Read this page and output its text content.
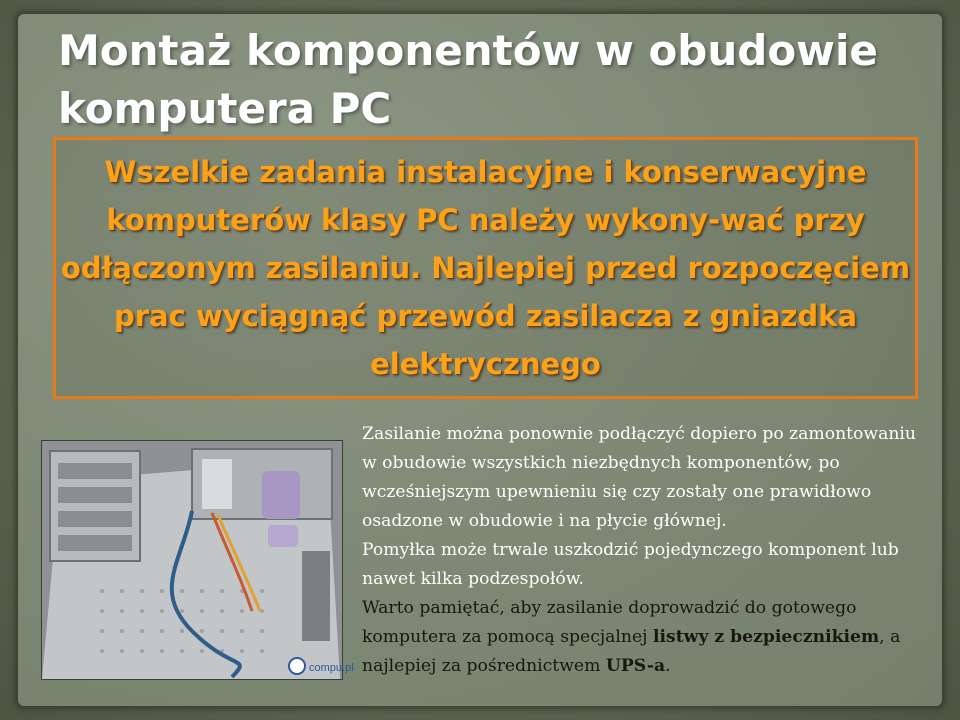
Montaż komponentów w obudowie komputera PC

Wszelkie zadania instalacyjne i konserwacyjne komputerów klasy PC należy wykony-wać przy odłączonym zasilaniu. Najlepiej przed rozpoczęciem prac wyciągnąć przewód zasilacza z gniazdka elektrycznego

compu.pl

Zasilanie można ponownie podłączyć dopiero po zamontowaniu w obudowie wszystkich niezbędnych komponentów, po wcześniejszym upewnieniu się czy zostały one prawidłowo osadzone w obudowie i na płycie głównej.

Pomyłka może trwale uszkodzić pojedynczego komponent lub nawet kilka podzespołów.

Warto pamiętać, aby zasilanie doprowadzić do gotowego komputera za pomocą specjalnej listwy z bezpiecznikiem, a najlepiej za pośrednictwem UPS-a.
